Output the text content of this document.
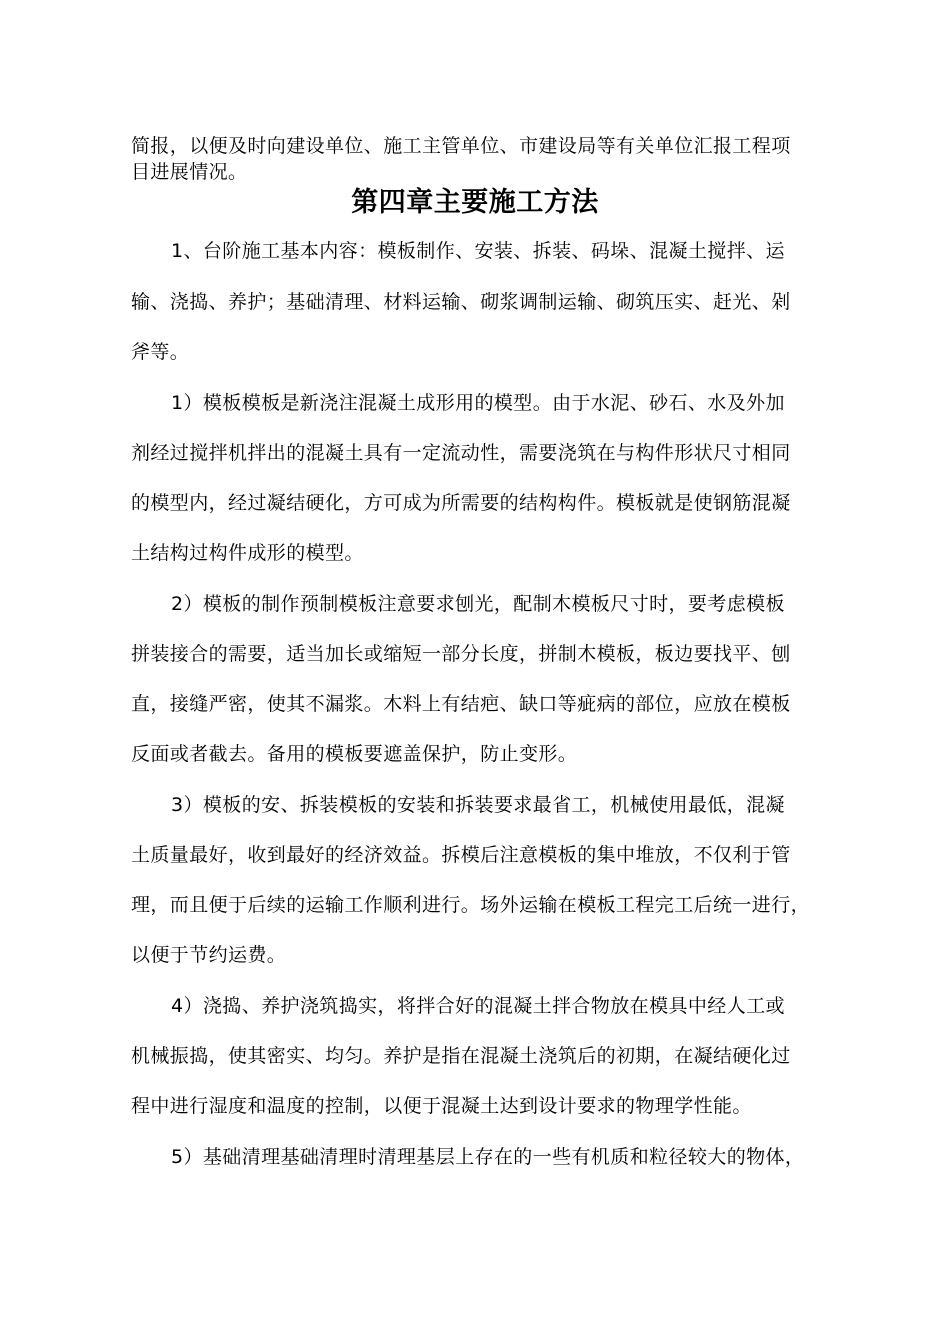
简报，以便及时向建设单位、施工主管单位、市建设局等有关单位汇报工程项
目进展情况。
第四章主要施工方法
1、台阶施工基本内容：模板制作、安装、拆装、码垛、混凝土搅拌、运
输、浇捣、养护；基础清理、材料运输、砌浆调制运输、砌筑压实、赶光、剁
斧等。
1）模板模板是新浇注混凝土成形用的模型。由于水泥、砂石、水及外加
剂经过搅拌机拌出的混凝土具有一定流动性，需要浇筑在与构件形状尺寸相同
的模型内，经过凝结硬化，方可成为所需要的结构构件。模板就是使钢筋混凝
土结构过构件成形的模型。
2）模板的制作预制模板注意要求刨光，配制木模板尺寸时，要考虑模板
拼装接合的需要，适当加长或缩短一部分长度，拼制木模板，板边要找平、刨
直，接缝严密，使其不漏浆。木料上有结疤、缺口等疵病的部位，应放在模板
反面或者截去。备用的模板要遮盖保护，防止变形。
3）模板的安、拆装模板的安装和拆装要求最省工，机械使用最低，混凝
土质量最好，收到最好的经济效益。拆模后注意模板的集中堆放，不仅利于管
理，而且便于后续的运输工作顺利进行。场外运输在模板工程完工后统一进行，
以便于节约运费。
4）浇捣、养护浇筑捣实，将拌合好的混凝土拌合物放在模具中经人工或
机械振捣，使其密实、均匀。养护是指在混凝土浇筑后的初期，在凝结硬化过
程中进行湿度和温度的控制，以便于混凝土达到设计要求的物理学性能。
5）基础清理基础清理时清理基层上存在的一些有机质和粒径较大的物体，
